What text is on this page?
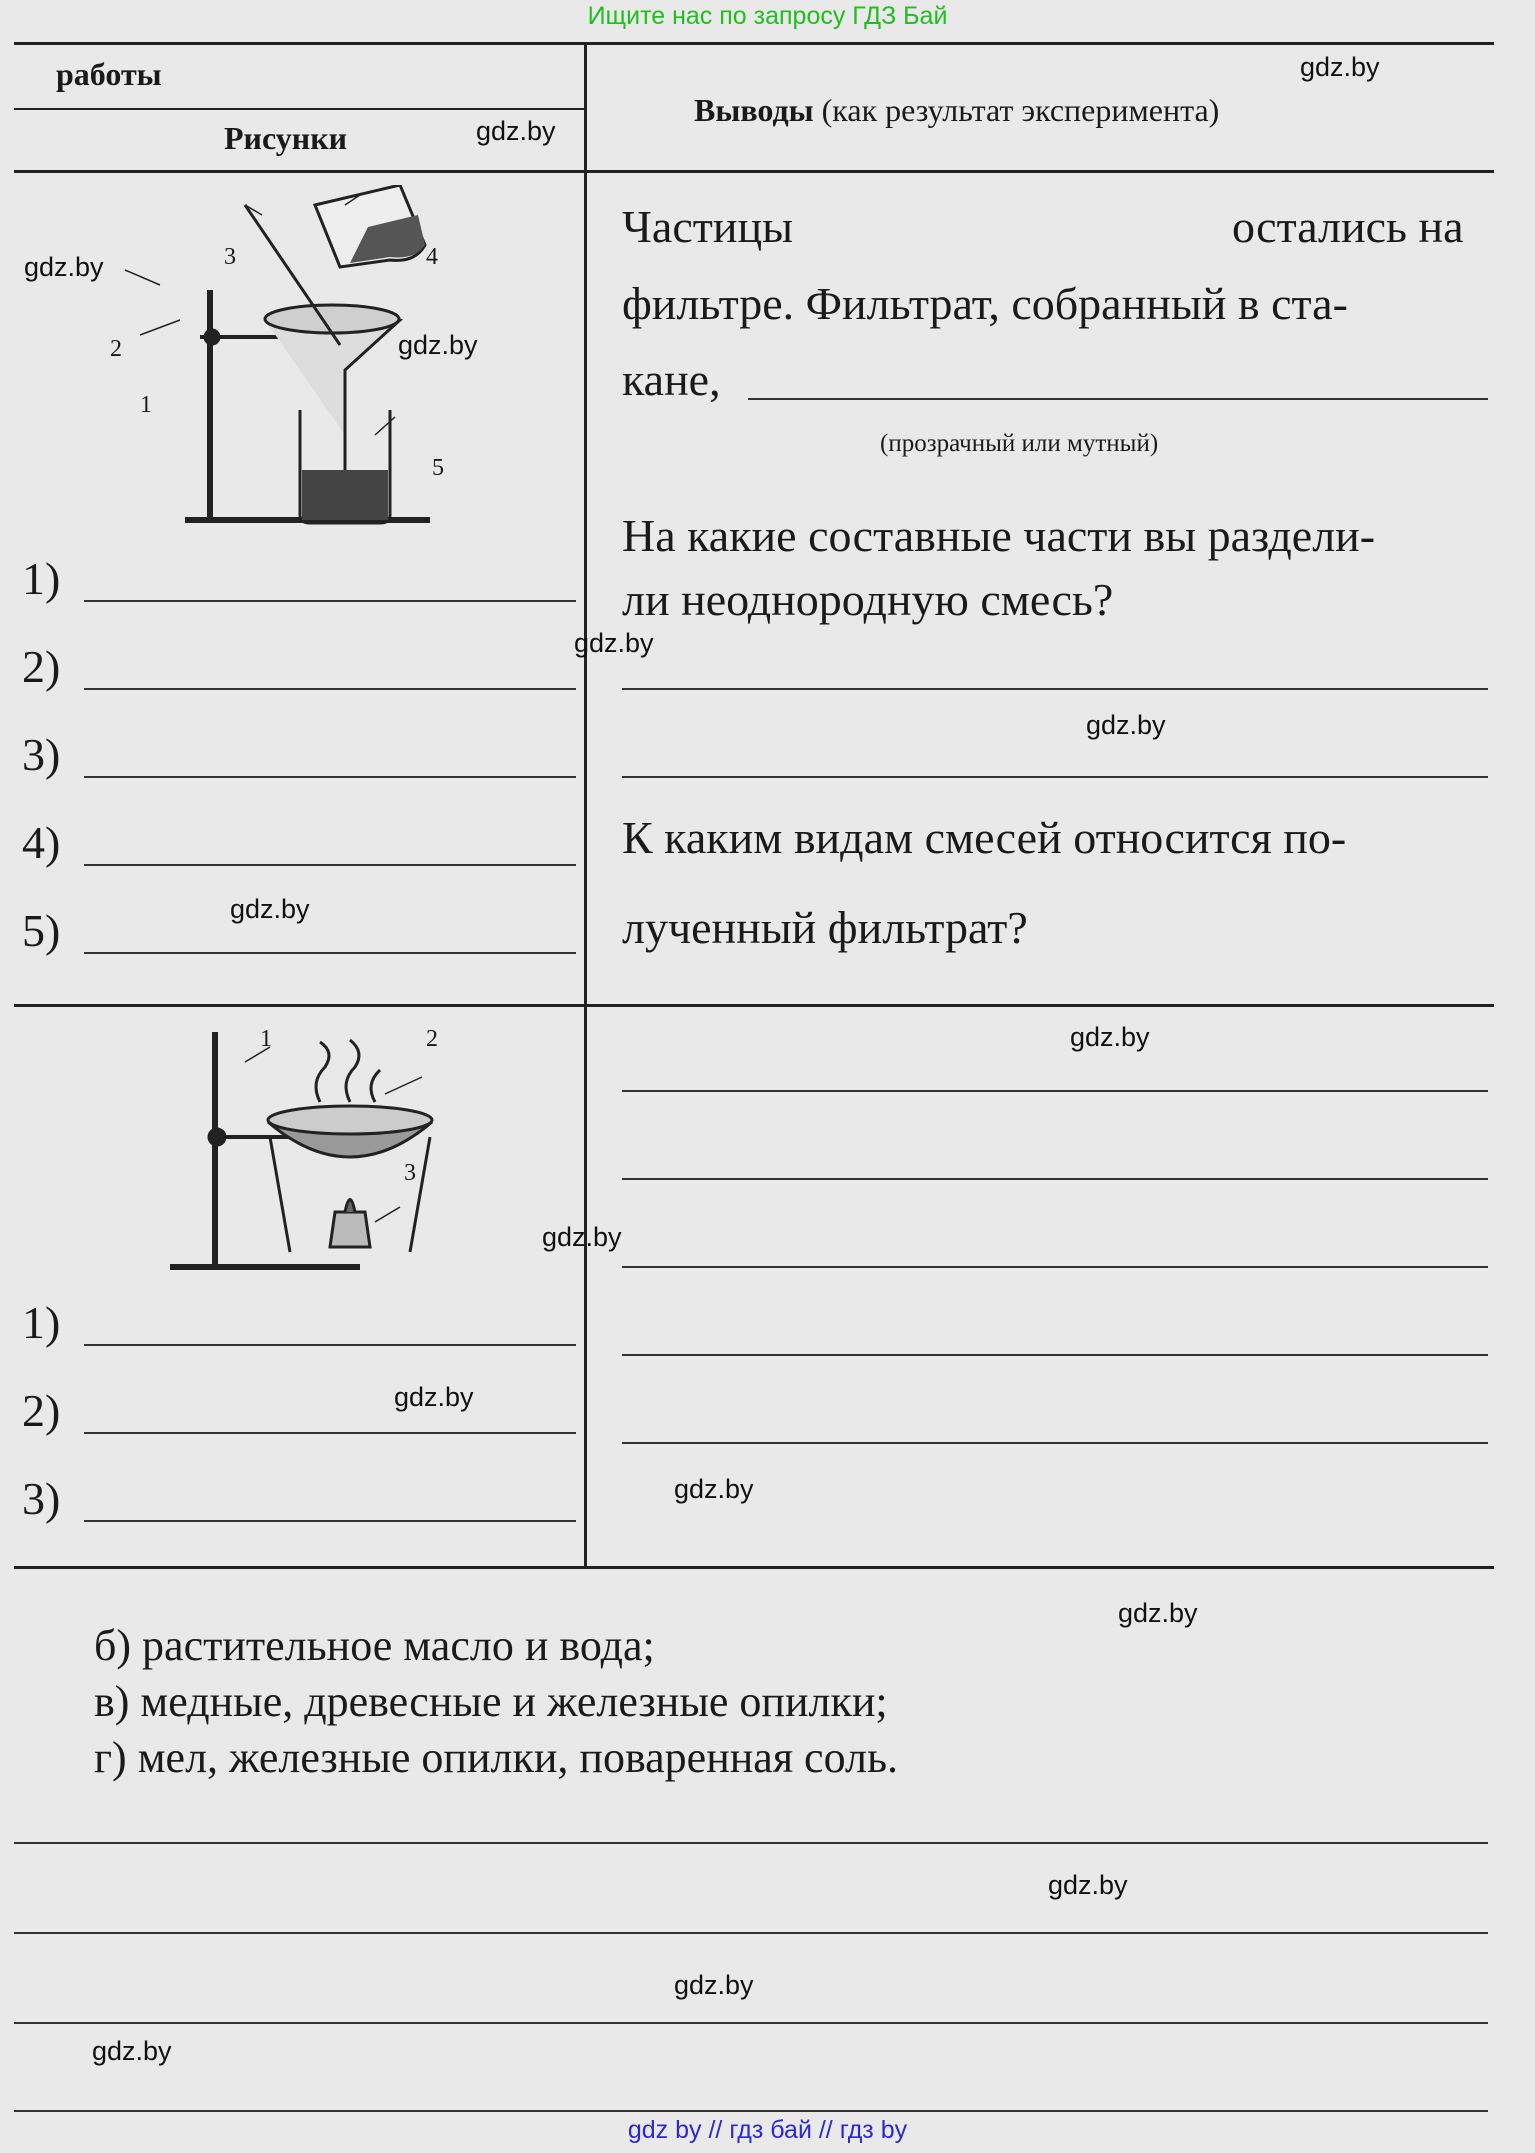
Ищите нас по запросу ГДЗ Бай
gdz by // гдз бай // гдз by
работы
Рисунки
Выводы (как результат эксперимента)
3	4
2
1
5
1)
2)
3)
4)
5)
Частицы	остались на
фильтре. Фильтрат, собранный в ста-
кане,
(прозрачный или мутный)
На какие составные части вы раздели-
ли неоднородную смесь?
К каким видам смесей относится по-
лученный фильтрат?
1	2
3
1)
2)
3)
б) растительное масло и вода;
в) медные, древесные и железные опилки;
г) мел, железные опилки, поваренная соль.
gdz.by
gdz.by
gdz.by
gdz.by
gdz.by
gdz.by
gdz.by
gdz.by
gdz.by
gdz.by
gdz.by
gdz.by
gdz.by
gdz.by
gdz.by
